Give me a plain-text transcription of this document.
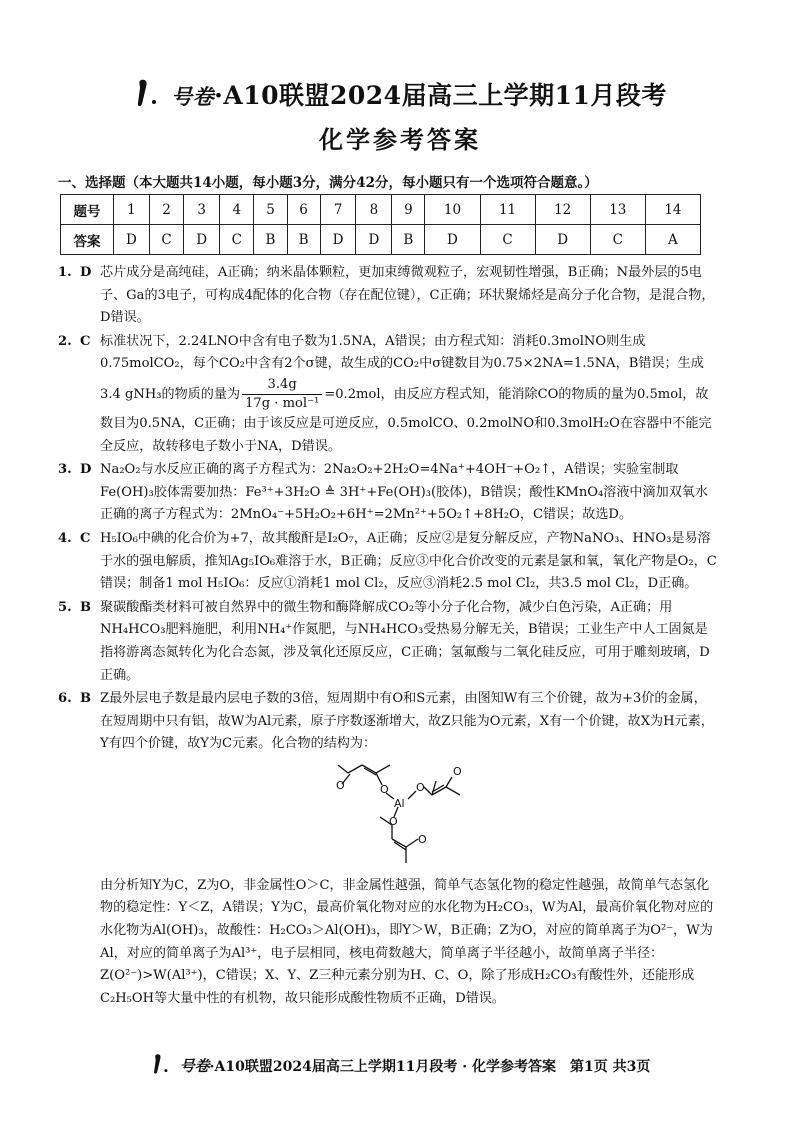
号卷·A10联盟2024届高三上学期11月段考
化学参考答案
一、选择题（本大题共14小题，每小题3分，满分42分，每小题只有一个选项符合题意。）
题号	1	2	3	4	5	6	7	8	9	10	11	12	13	14
答案	D	C	D	C	B	B	D	D	B	D	C	D	C	A
1. D 芯片成分是高纯硅，A正确；纳米晶体颗粒，更加束缚微观粒子，宏观韧性增强，B正确；N最外层的5电子、Ga的3电子，可构成4配体的化合物（存在配位键），C正确；环状聚烯烃是高分子化合物，是混合物，D错误。
2. C 标准状况下，2.24LNO中含有电子数为1.5NA，A错误；由方程式知：消耗0.3molNO则生成0.75molCO₂，每个CO₂中含有2个σ键，故生成的CO₂中σ键数目为0.75×2NA=1.5NA，B错误；生成3.4 gNH₃的物质的量为 $\frac{3.4g}{\text{17g · mol⁻¹}} =0.2mol$，由反应方程式知，能消除CO的物质的量为0.5mol，故数目为0.5NA，C正确；由于该反应是可逆反应，0.5molCO、0.2molNO和0.3molH₂O在容器中不能完全反应，故转移电子数小于NA，D错误。
3. D Na₂O₂与水反应正确的离子方程式为：2Na₂O₂+2H₂O=4Na⁺+4OH⁻+O₂↑，A错误；实验室制取Fe(OH)₃胶体需要加热：Fe³⁺+3H₂O ≜ 3H⁺+Fe(OH)₃(胶体)，B错误；酸性KMnO₄溶液中滴加双氧水正确的离子方程式为：2MnO₄⁻+5H₂O₂+6H⁺=2Mn²⁺+5O₂↑+8H₂O，C错误；故选D。
4. C H₅IO₆中碘的化合价为+7，故其酸酐是I₂O₇，A正确；反应②是复分解反应，产物NaNO₃、HNO₃是易溶于水的强电解质，推知Ag₅IO₆难溶于水，B正确；反应③中化合价改变的元素是氯和氧，氧化产物是O₂，C错误；制备1 mol H₅IO₆：反应①消耗1 mol Cl₂，反应③消耗2.5 mol Cl₂，共3.5 mol Cl₂，D正确。
5. B 聚碳酸酯类材料可被自然界中的微生物和酶降解成CO₂等小分子化合物，减少白色污染，A正确；用NH₄HCO₃肥料施肥，利用NH₄⁺作氮肥，与NH₄HCO₃受热易分解无关，B错误；工业生产中人工固氮是指将游离态氮转化为化合态氮，涉及氧化还原反应，C正确；氢氟酸与二氧化硅反应，可用于雕刻玻璃，D正确。
6. B Z最外层电子数是最内层电子数的3倍，短周期中有O和S元素，由图知W有三个价键，故为+3价的金属，在短周期中只有铝，故W为Al元素，原子序数逐渐增大，故Z只能为O元素，X有一个价键，故X为H元素，Y有四个价键，故Y为C元素。化合物的结构为：
O	O
Al
O
O
O
O
由分析知Y为C，Z为O，非金属性O＞C，非金属性越强，简单气态氢化物的稳定性越强，故简单气态氢化物的稳定性：Y＜Z，A错误；Y为C，最高价氧化物对应的水化物为H₂CO₃，W为Al，最高价氧化物对应的水化物为Al(OH)₃，故酸性：H₂CO₃＞Al(OH)₃，即Y＞W，B正确；Z为O，对应的简单离子为O²⁻，W为Al，对应的简单离子为Al³⁺，电子层相同，核电荷数越大，简单离子半径越小，故简单离子半径：Z(O²⁻)>W(Al³⁺)，C错误；X、Y、Z三种元素分别为H、C、O，除了形成H₂CO₃有酸性外，还能形成C₂H₅OH等大量中性的有机物，故只能形成酸性物质不正确，D错误。
号卷·A10联盟2024届高三上学期11月段考 · 化学参考答案　第1页 共3页
